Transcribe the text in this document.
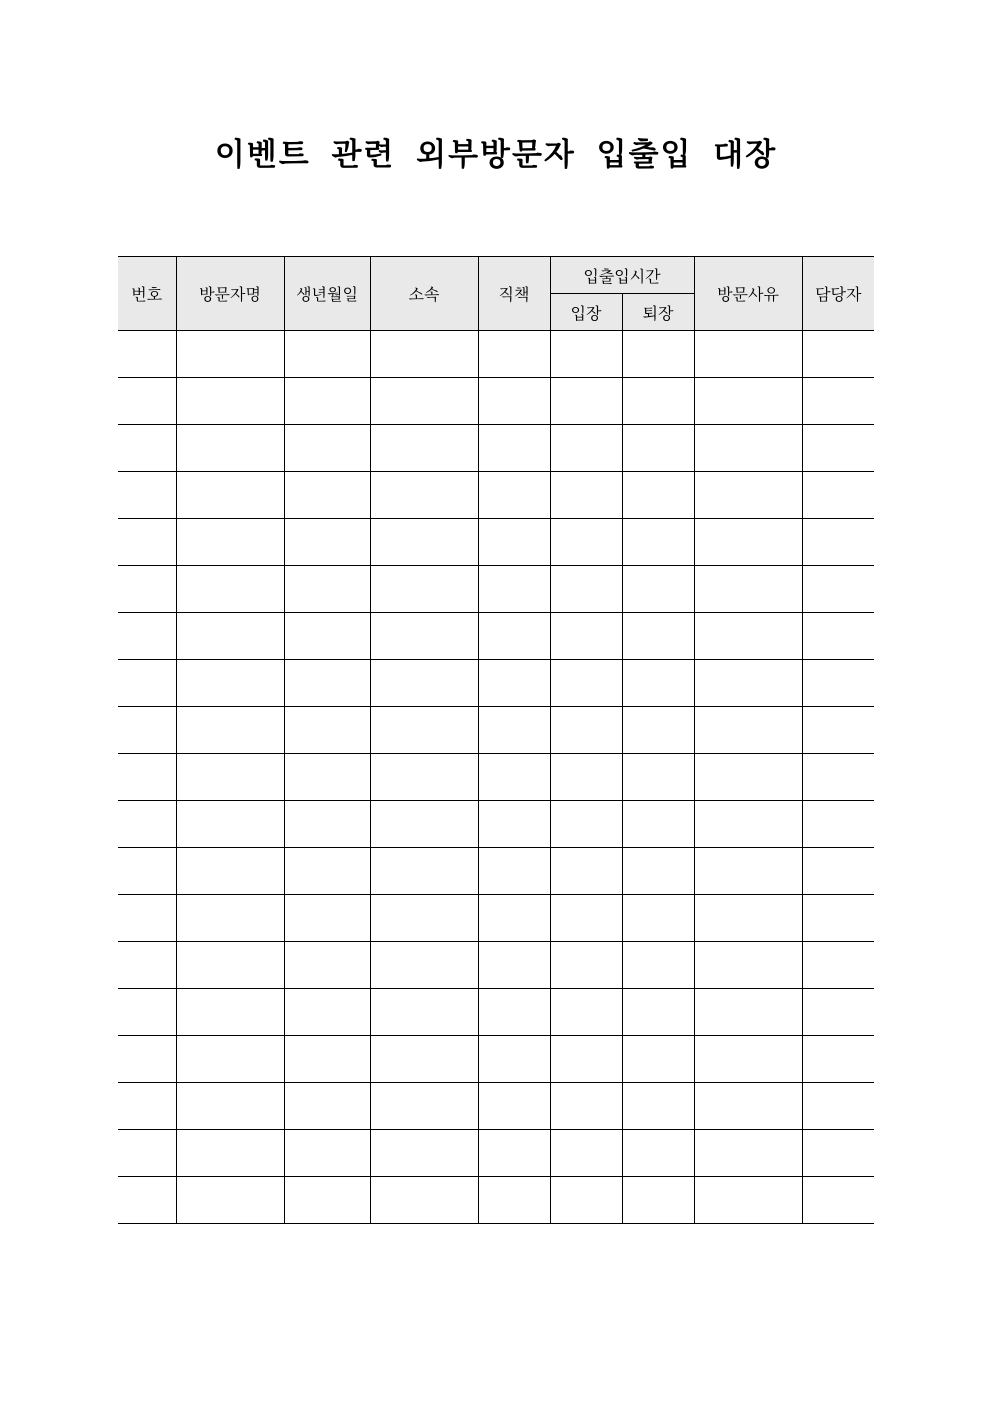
이벤트 관련 외부방문자 입출입 대장
번호	방문자명	생년월일	소속	직책	입출입시간		방문사유	담당자
					입장	퇴장		
